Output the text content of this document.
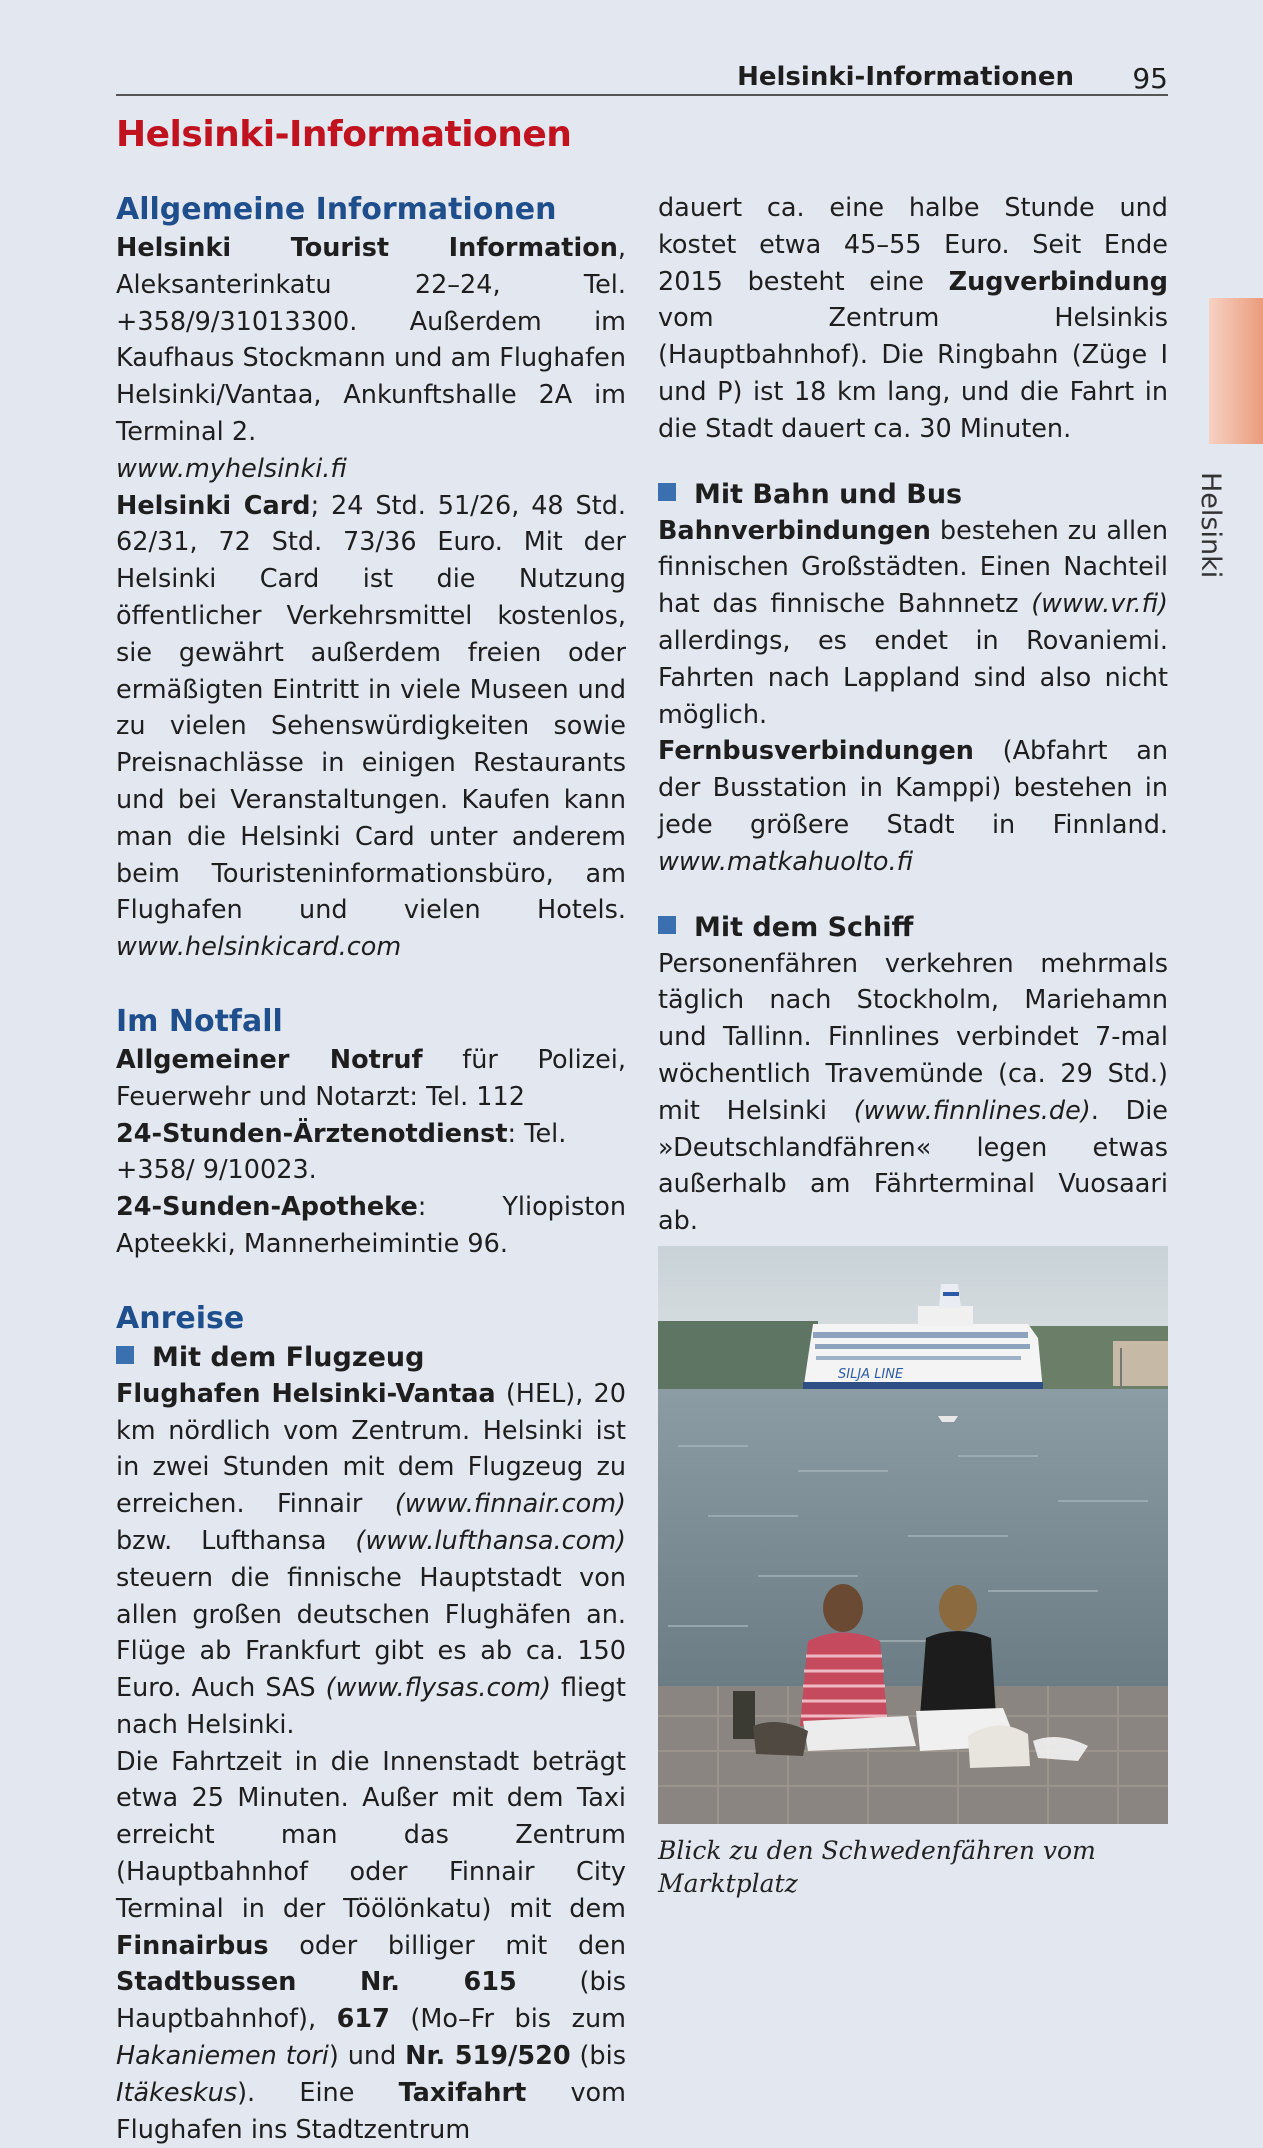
Helsinki-Informationen 95
Helsinki-Informationen
Helsinki
Allgemeine Informationen

Helsinki Tourist Information, Aleksanterinkatu 22–24, Tel. +358/9/31013300. Außerdem im Kaufhaus Stockmann und am Flughafen Helsinki/Vantaa, Ankunftshalle 2A im Terminal 2.

www.myhelsinki.fi

Helsinki Card; 24 Std. 51/26, 48 Std. 62/31, 72 Std. 73/36 Euro. Mit der Helsinki Card ist die Nutzung öffentlicher Verkehrsmittel kostenlos, sie gewährt außerdem freien oder ermäßigten Eintritt in viele Museen und zu vielen Sehenswürdigkeiten sowie Preisnachlässe in einigen Restaurants und bei Veranstaltungen. Kaufen kann man die Helsinki Card unter anderem beim Touristeninformationsbüro, am Flughafen und vielen Hotels. www.helsinkicard.com

Im Notfall

Allgemeiner Notruf für Polizei, Feuerwehr und Notarzt: Tel. 112

24-Stunden-Ärztenotdienst: Tel. +358/ 9/10023.

24-Sunden-Apotheke: Yliopiston Apteekki, Mannerheimintie 96.

Anreise
Mit dem Flugzeug

Flughafen Helsinki-Vantaa (HEL), 20 km nördlich vom Zentrum. Helsinki ist in zwei Stunden mit dem Flugzeug zu erreichen. Finnair (www.finnair.com) bzw. Lufthansa (www.lufthansa.com) steuern die finnische Hauptstadt von allen großen deutschen Flughäfen an. Flüge ab Frankfurt gibt es ab ca. 150 Euro. Auch SAS (www.flysas.com) fliegt nach Helsinki.

Die Fahrtzeit in die Innenstadt beträgt etwa 25 Minuten. Außer mit dem Taxi erreicht man das Zentrum (Hauptbahnhof oder Finnair City Terminal in der Töölönkatu) mit dem Finnairbus oder billiger mit den Stadtbussen Nr. 615 (bis Hauptbahnhof), 617 (Mo–Fr bis zum Hakaniemen tori) und Nr. 519/520 (bis Itäkeskus). Eine Taxifahrt vom Flughafen ins Stadtzentrum

dauert ca. eine halbe Stunde und kostet etwa 45–55 Euro. Seit Ende 2015 besteht eine Zugverbindung vom Zentrum Helsinkis (Hauptbahnhof). Die Ringbahn (Züge I und P) ist 18 km lang, und die Fahrt in die Stadt dauert ca. 30 Minuten.

Mit Bahn und Bus

Bahnverbindungen bestehen zu allen finnischen Großstädten. Einen Nachteil hat das finnische Bahnnetz (www.vr.fi) allerdings, es endet in Rovaniemi. Fahrten nach Lappland sind also nicht möglich.

Fernbusverbindungen (Abfahrt an der Busstation in Kamppi) bestehen in jede größere Stadt in Finnland. www.matkahuolto.fi

Mit dem Schiff

Personenfähren verkehren mehrmals täglich nach Stockholm, Mariehamn und Tallinn. Finnlines verbindet 7-mal wöchentlich Travemünde (ca. 29 Std.) mit Helsinki (www.finnlines.de). Die »Deutschlandfähren« legen etwas außerhalb am Fährterminal Vuosaari ab.

SILJA LINE
Blick zu den Schwedenfähren vom Marktplatz
